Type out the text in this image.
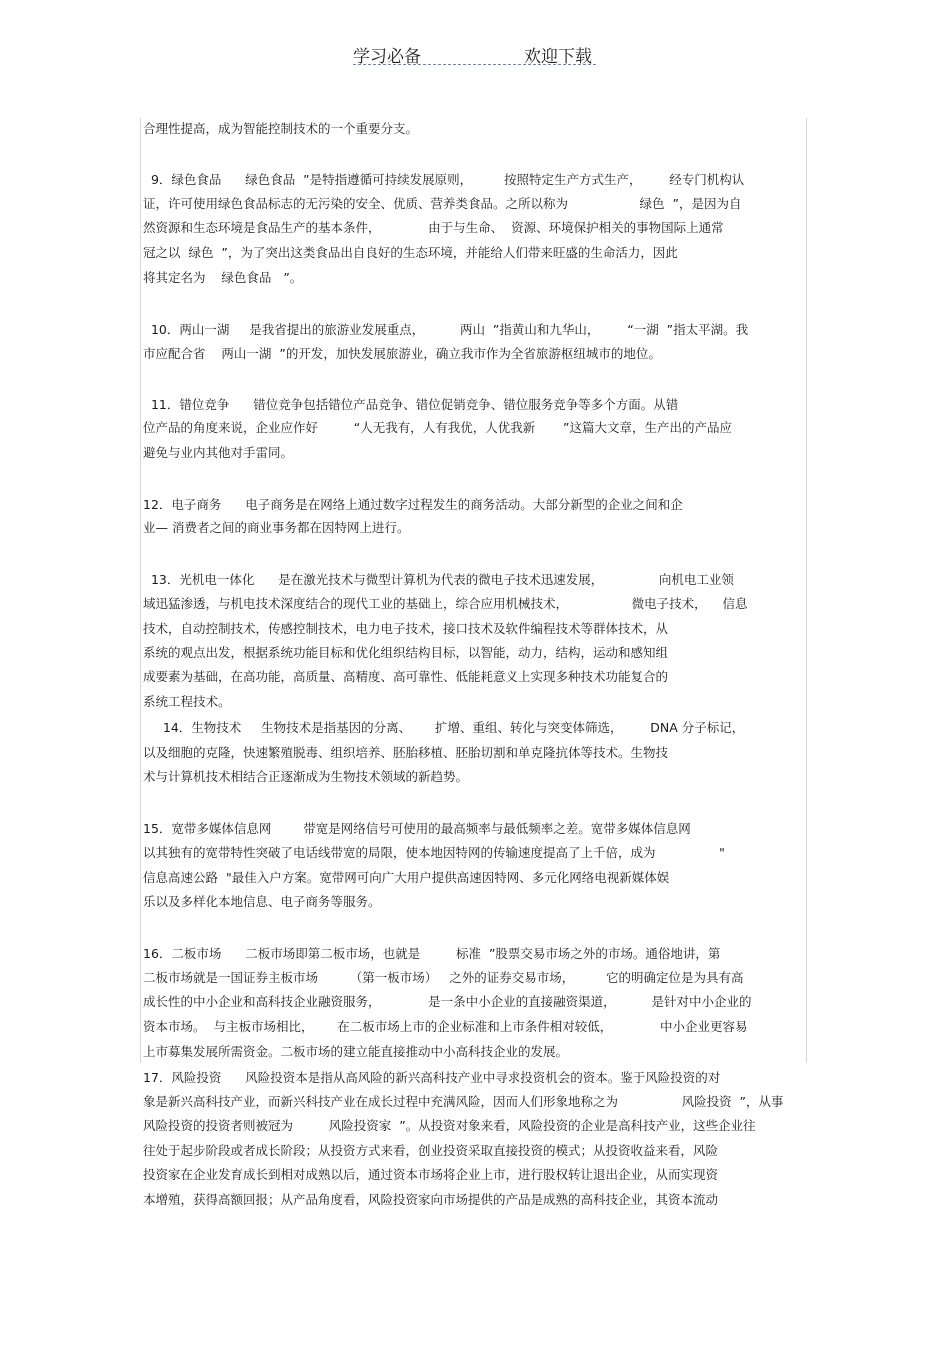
学习必备	欢迎下载
合理性提高，成为智能控制技术的一个重要分支。
9．绿色食品      绿色食品  ”是特指遵循可持续发展原则，        按照特定生产方式生产，       经专门机构认
证，许可使用绿色食品标志的无污染的安全、优质、营养类食品。之所以称为                  绿色  ”，是因为自
然资源和生态环境是食品生产的基本条件，            由于与生命、  资源、环境保护相关的事物国际上通常
冠之以  绿色  ”，为了突出这类食品出自良好的生态环境，并能给人们带来旺盛的生命活力，因此
将其定名为    绿色食品   ”。
10．两山一湖     是我省提出的旅游业发展重点，         两山  ”指黄山和九华山，       “一湖  ”指太平湖。我
市应配合省    两山一湖  ”的开发，加快发展旅游业，确立我市作为全省旅游枢纽城市的地位。
11．错位竞争      错位竞争包括错位产品竞争、错位促销竞争、错位服务竞争等多个方面。从错
位产品的角度来说，企业应作好         “人无我有，人有我优，人优我新       ”这篇大文章，生产出的产品应
避免与业内其他对手雷同。
12．电子商务      电子商务是在网络上通过数字过程发生的商务活动。大部分新型的企业之间和企
业— 消费者之间的商业事务都在因特网上进行。
13．光机电一体化      是在激光技术与微型计算机为代表的微电子技术迅速发展，              向机电工业领
域迅猛渗透，与机电技术深度结合的现代工业的基础上，综合应用机械技术，                微电子技术，    信息
技术，自动控制技术，传感控制技术，电力电子技术，接口技术及软件编程技术等群体技术，从
系统的观点出发，根据系统功能目标和优化组织结构目标，以智能，动力，结构，运动和感知组
成要素为基础，在高功能，高质量、高精度、高可靠性、低能耗意义上实现多种技术功能复合的
系统工程技术。
14．生物技术     生物技术是指基因的分离、      扩增、重组、转化与突变体筛选，       DNA 分子标记，
以及细胞的克隆，快速繁殖脱毒、组织培养、胚胎移植、胚胎切割和单克隆抗体等技术。生物技
术与计算机技术相结合正逐渐成为生物技术领域的新趋势。
15．宽带多媒体信息网        带宽是网络信号可使用的最高频率与最低频率之差。宽带多媒体信息网
以其独有的宽带特性突破了电话线带宽的局限，使本地因特网的传输速度提高了上千倍，成为                "
信息高速公路  "最佳入户方案。宽带网可向广大用户提供高速因特网、多元化网络电视新媒体娱
乐以及多样化本地信息、电子商务等服务。
16．二板市场      二板市场即第二板市场，也就是         标准  ”股票交易市场之外的市场。通俗地讲，第
二板市场就是一国证券主板市场        （第一板市场）   之外的证券交易市场，        它的明确定位是为具有高
成长性的中小企业和高科技企业融资服务，            是一条中小企业的直接融资渠道，         是针对中小企业的
资本市场。  与主板市场相比，      在二板市场上市的企业标准和上市条件相对较低，            中小企业更容易
上市募集发展所需资金。二板市场的建立能直接推动中小高科技企业的发展。
17．风险投资      风险投资本是指从高风险的新兴高科技产业中寻求投资机会的资本。鉴于风险投资的对
象是新兴高科技产业，而新兴科技产业在成长过程中充满风险，因而人们形象地称之为                风险投资  ”，从事
风险投资的投资者则被冠为         风险投资家  ”。从投资对象来看，风险投资的企业是高科技产业，这些企业往
往处于起步阶段或者成长阶段；从投资方式来看，创业投资采取直接投资的模式；从投资收益来看，风险
投资家在企业发育成长到相对成熟以后，通过资本市场将企业上市，进行股权转让退出企业，从而实现资
本增殖，获得高额回报；从产品角度看，风险投资家向市场提供的产品是成熟的高科技企业，其资本流动
